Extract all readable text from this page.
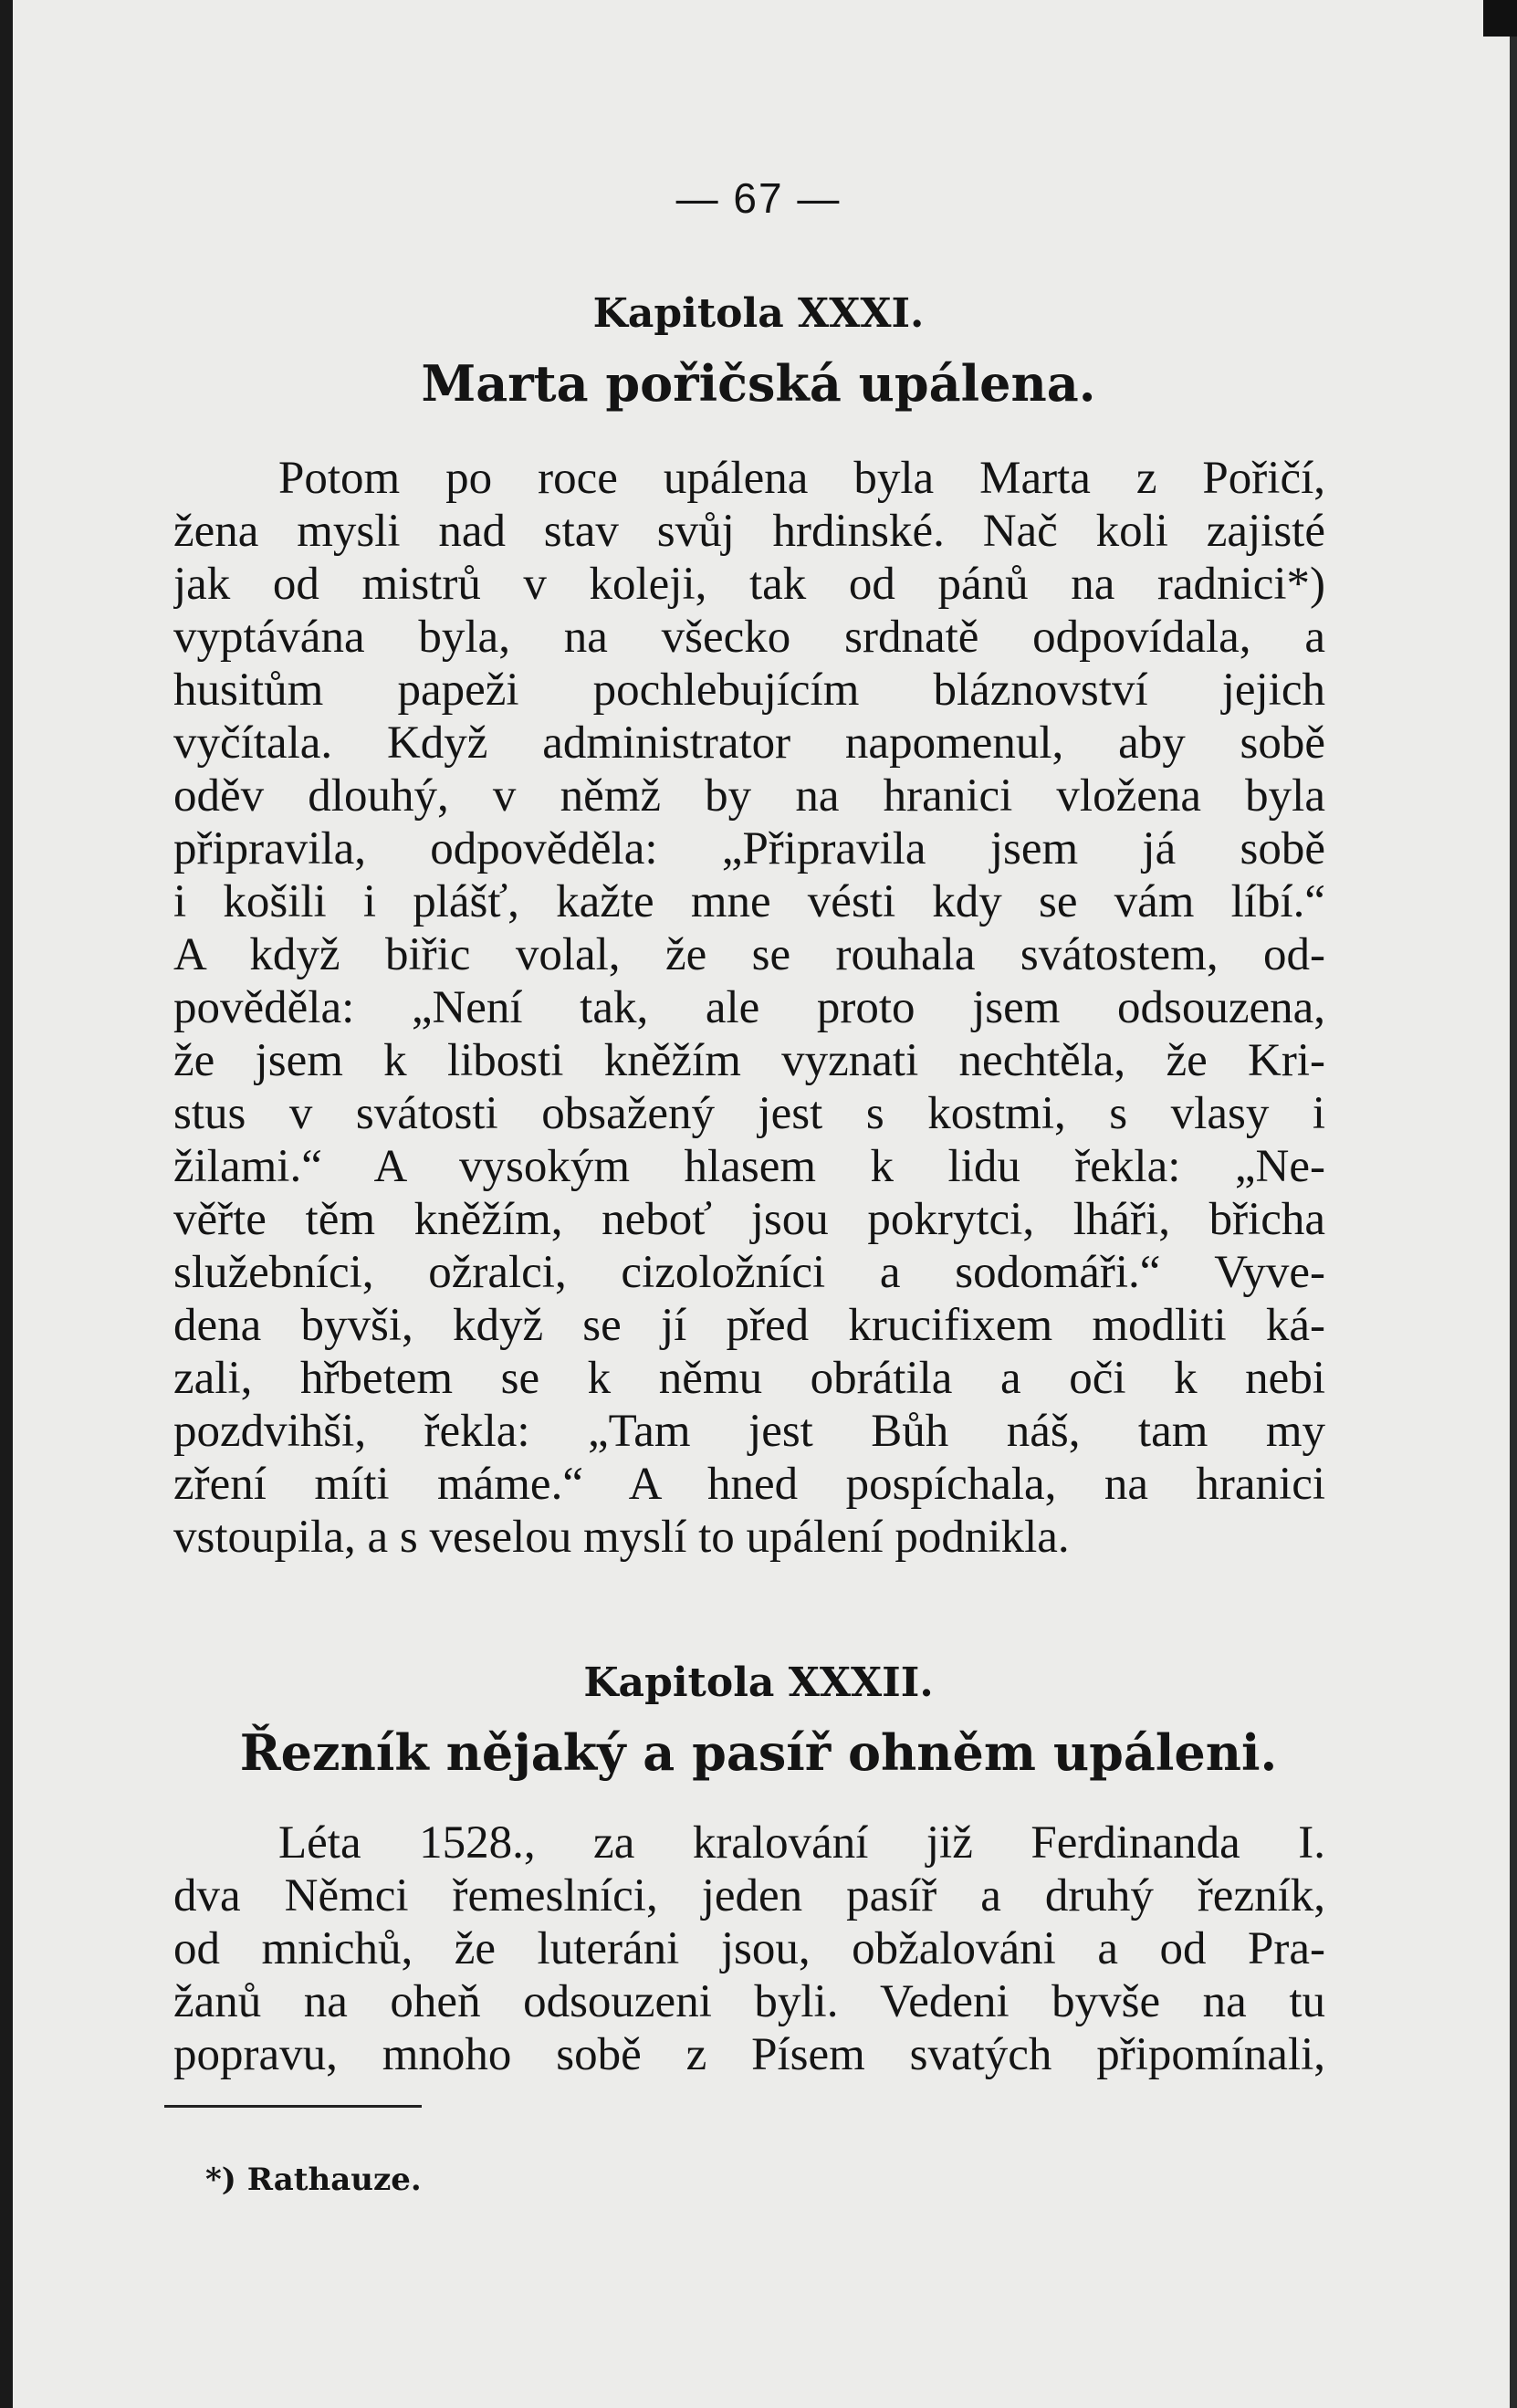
— 67 —
Kapitola XXXI.
Marta pořičská upálena.
Potom po roce upálena byla Marta z Pořičí,
žena mysli nad stav svůj hrdinské. Nač koli zajisté
jak od mistrů v koleji, tak od pánů na radnici*)
vyptávána byla, na všecko srdnatě odpovídala, a
husitům papeži pochlebujícím bláznovství jejich
vyčítala. Když administrator napomenul, aby sobě
oděv dlouhý, v němž by na hranici vložena byla
připravila, odpověděla: „Připravila jsem já sobě
i košili i plášť, kažte mne vésti kdy se vám líbí.“
A když biřic volal, že se rouhala svátostem, od-
pověděla: „Není tak, ale proto jsem odsouzena,
že jsem k libosti kněžím vyznati nechtěla, že Kri-
stus v svátosti obsažený jest s kostmi, s vlasy i
žilami.“ A vysokým hlasem k lidu řekla: „Ne-
věřte těm kněžím, neboť jsou pokrytci, lháři, břicha
služebníci, ožralci, cizoložníci a sodomáři.“ Vyve-
dena byvši, když se jí před krucifixem modliti ká-
zali, hřbetem se k němu obrátila a oči k nebi
pozdvihši, řekla: „Tam jest Bůh náš, tam my
zření míti máme.“ A hned pospíchala, na hranici
vstoupila, a s veselou myslí to upálení podnikla.
Kapitola XXXII.
Řezník nějaký a pasíř ohněm upáleni.
Léta 1528., za kralování již Ferdinanda I.
dva Němci řemeslníci, jeden pasíř a druhý řezník,
od mnichů, že luteráni jsou, obžalováni a od Pra-
žanů na oheň odsouzeni byli. Vedeni byvše na tu
popravu, mnoho sobě z Písem svatých připomínali,
*) Rathauze.
